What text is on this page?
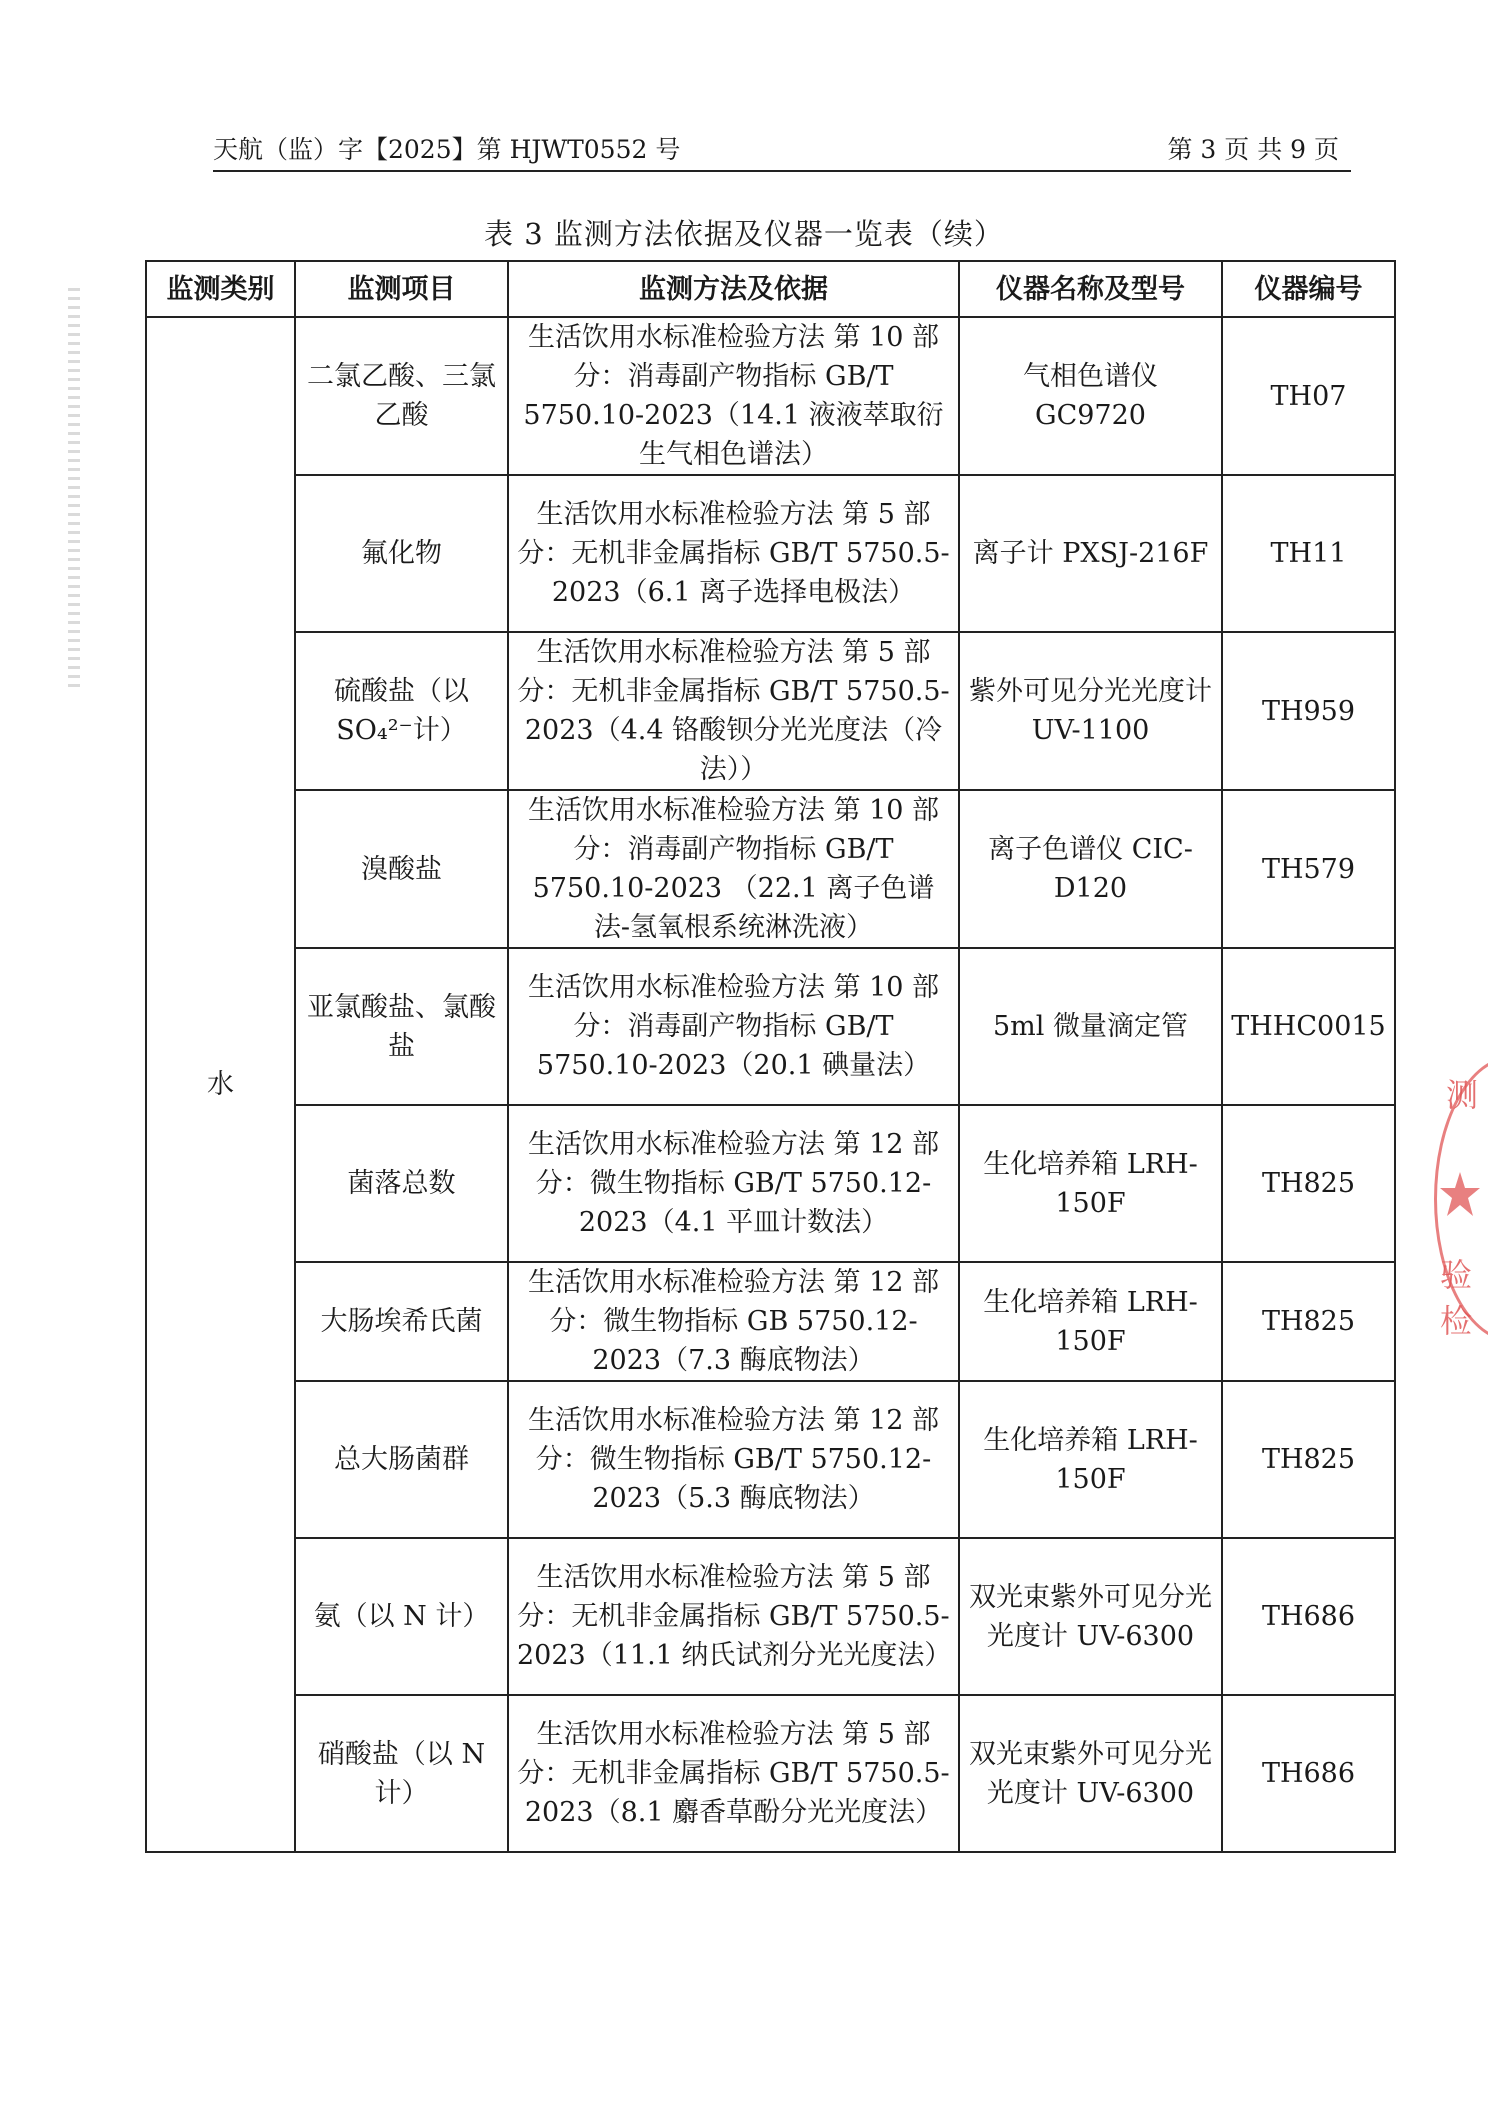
天航（监）字【2025】第 HJWT0552 号	第 3 页 共 9 页
表 3 监测方法依据及仪器一览表（续）
监测类别	监测项目	监测方法及依据	仪器名称及型号	仪器编号
水	二氯乙酸、三氯乙酸	生活饮用水标准检验方法 第 10 部分：消毒副产物指标 GB/T 5750.10-2023（14.1 液液萃取衍生气相色谱法）	气相色谱仪 GC9720	TH07
	氟化物	生活饮用水标准检验方法 第 5 部分：无机非金属指标 GB/T 5750.5-2023（6.1 离子选择电极法）	离子计 PXSJ-216F	TH11
	硫酸盐（以SO₄²⁻计）	生活饮用水标准检验方法 第 5 部分：无机非金属指标 GB/T 5750.5-2023（4.4 铬酸钡分光光度法（冷法））	紫外可见分光光度计 UV-1100	TH959
	溴酸盐	生活饮用水标准检验方法 第 10 部分：消毒副产物指标 GB/T 5750.10-2023 （22.1 离子色谱法-氢氧根系统淋洗液）	离子色谱仪 CIC-D120	TH579
	亚氯酸盐、氯酸盐	生活饮用水标准检验方法 第 10 部分：消毒副产物指标 GB/T 5750.10-2023（20.1 碘量法）	5ml 微量滴定管	THHC0015
	菌落总数	生活饮用水标准检验方法 第 12 部分：微生物指标 GB/T 5750.12-2023（4.1 平皿计数法）	生化培养箱 LRH-150F	TH825
	大肠埃希氏菌	生活饮用水标准检验方法 第 12 部分：微生物指标 GB 5750.12-2023（7.3 酶底物法）	生化培养箱 LRH-150F	TH825
	总大肠菌群	生活饮用水标准检验方法 第 12 部分：微生物指标 GB/T 5750.12-2023（5.3 酶底物法）	生化培养箱 LRH-150F	TH825
	氨（以 N 计）	生活饮用水标准检验方法 第 5 部分：无机非金属指标 GB/T 5750.5-2023（11.1 纳氏试剂分光光度法）	双光束紫外可见分光光度计 UV-6300	TH686
	硝酸盐（以 N 计）	生活饮用水标准检验方法 第 5 部分：无机非金属指标 GB/T 5750.5-2023（8.1 麝香草酚分光光度法）	双光束紫外可见分光光度计 UV-6300	TH686
测
验检
